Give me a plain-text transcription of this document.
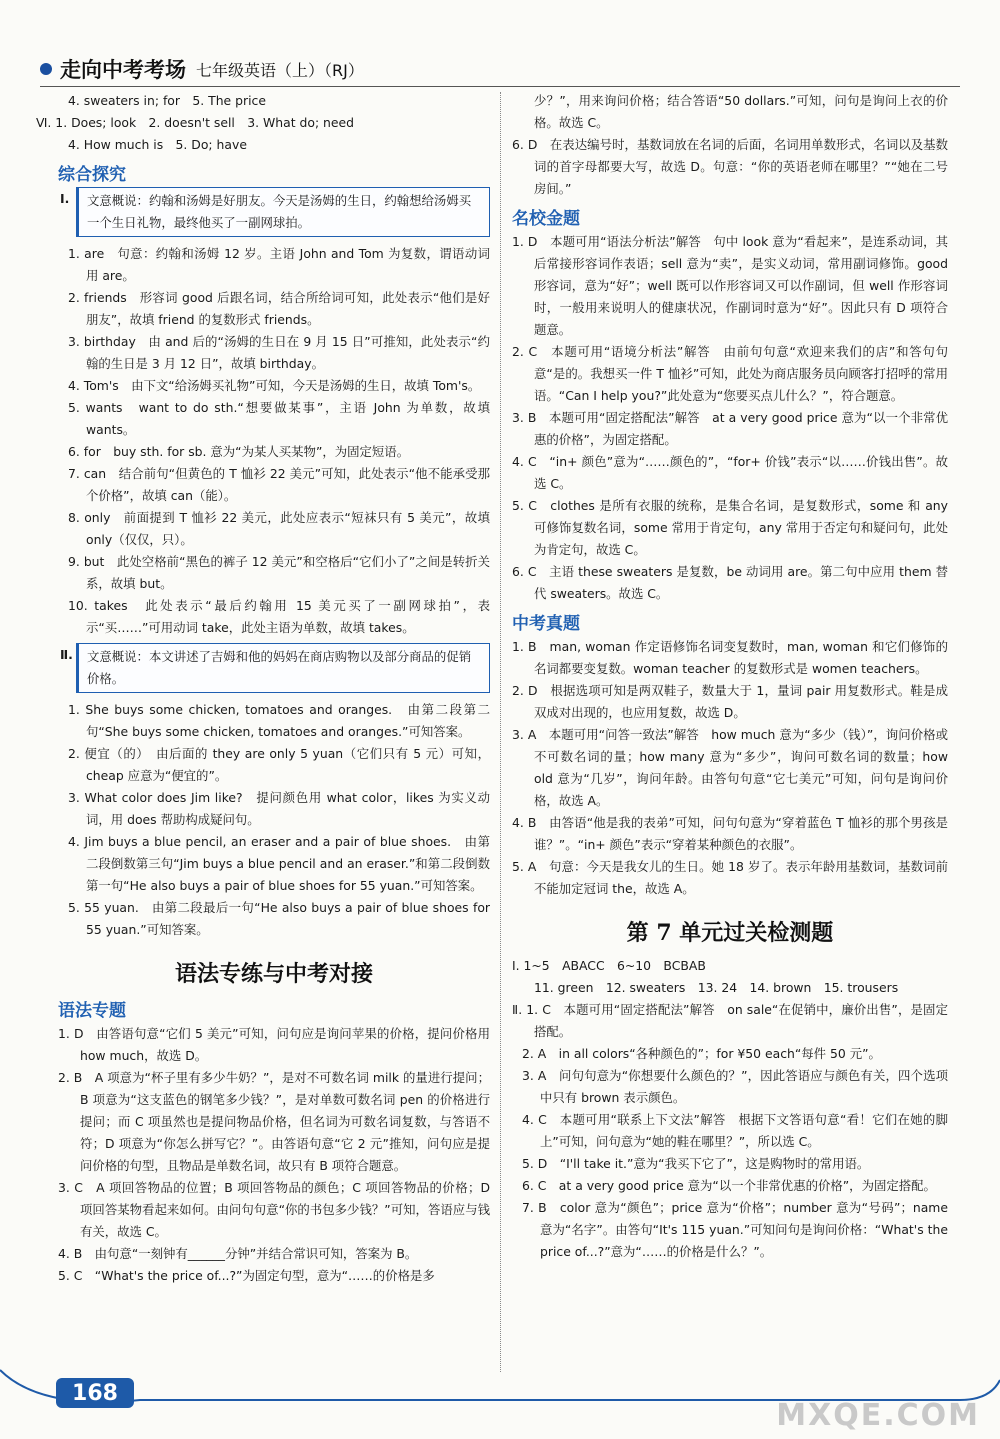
走向中考考场 七年级英语（上）（RJ）

4. sweaters in; for　5. The price

Ⅵ. 1. Does; look　2. doesn't sell　3. What do; need

4. How much is　5. Do; have

综合探究
Ⅰ.	文意概说：约翰和汤姆是好朋友。今天是汤姆的生日，约翰想给汤姆买一个生日礼物，最终他买了一副网球拍。

1. are　句意：约翰和汤姆 12 岁。主语 John and Tom 为复数，谓语动词用 are。

2. friends　形容词 good 后跟名词，结合所给词可知，此处表示“他们是好朋友”，故填 friend 的复数形式 friends。

3. birthday　由 and 后的“汤姆的生日在 9 月 15 日”可推知，此处表示“约翰的生日是 3 月 12 日”，故填 birthday。

4. Tom's　由下文“给汤姆买礼物”可知，今天是汤姆的生日，故填 Tom's。

5. wants　want to do sth.“想要做某事”，主语 John 为单数，故填 wants。

6. for　buy sth. for sb. 意为“为某人买某物”，为固定短语。

7. can　结合前句“但黄色的 T 恤衫 22 美元”可知，此处表示“他不能承受那个价格”，故填 can（能）。

8. only　前面提到 T 恤衫 22 美元，此处应表示“短袜只有 5 美元”，故填 only（仅仅，只）。

9. but　此处空格前“黑色的裤子 12 美元”和空格后“它们小了”之间是转折关系，故填 but。

10. takes　此处表示“最后约翰用 15 美元买了一副网球拍”，表示“买……”可用动词 take，此处主语为单数，故填 takes。

Ⅱ.	文意概说：本文讲述了吉姆和他的妈妈在商店购物以及部分商品的促销价格。

1. She buys some chicken, tomatoes and oranges.　由第二段第二句“She buys some chicken, tomatoes and oranges.”可知答案。

2. 便宜（的）　由后面的 they are only 5 yuan（它们只有 5 元）可知，cheap 应意为“便宜的”。

3. What color does Jim like?　提问颜色用 what color，likes 为实义动词，用 does 帮助构成疑问句。

4. Jim buys a blue pencil, an eraser and a pair of blue shoes.　由第二段倒数第三句“Jim buys a blue pencil and an eraser.”和第二段倒数第一句“He also buys a pair of blue shoes for 55 yuan.”可知答案。

5. 55 yuan.　由第二段最后一句“He also buys a pair of blue shoes for 55 yuan.”可知答案。

语法专练与中考对接
语法专题

1. D　由答语句意“它们 5 美元”可知，问句应是询问苹果的价格，提问价格用 how much，故选 D。

2. B　A 项意为“杯子里有多少牛奶？”，是对不可数名词 milk 的量进行提问；B 项意为“这支蓝色的钢笔多少钱？”，是对单数可数名词 pen 的价格进行提问；而 C 项虽然也是提问物品价格，但名词为可数名词复数，与答语不符；D 项意为“你怎么拼写它？”。由答语句意“它 2 元”推知，问句应是提问价格的句型，且物品是单数名词，故只有 B 项符合题意。

3. C　A 项回答物品的位置；B 项回答物品的颜色；C 项回答物品的价格；D 项回答某物看起来如何。由问句句意“你的书包多少钱？”可知，答语应与钱有关，故选 C。

4. B　由句意“一刻钟有______分钟”并结合常识可知，答案为 B。

5. C　“What's the price of...?”为固定句型，意为“……的价格是多

少？”，用来询问价格；结合答语“50 dollars.”可知，问句是询问上衣的价格。故选 C。

6. D　在表达编号时，基数词放在名词的后面，名词用单数形式，名词以及基数词的首字母都要大写，故选 D。句意：“你的英语老师在哪里？”“她在二号房间。”

名校金题

1. D　本题可用“语法分析法”解答　句中 look 意为“看起来”，是连系动词，其后常接形容词作表语；sell 意为“卖”，是实义动词，常用副词修饰。good 形容词，意为“好”；well 既可以作形容词又可以作副词，但 well 作形容词时，一般用来说明人的健康状况，作副词时意为“好”。因此只有 D 项符合题意。

2. C　本题可用“语境分析法”解答　由前句句意“欢迎来我们的店”和答句句意“是的。我想买一件 T 恤衫”可知，此处为商店服务员向顾客打招呼的常用语。“Can I help you?”此处意为“您要买点儿什么？”，符合题意。

3. B　本题可用“固定搭配法”解答　at a very good price 意为“以一个非常优惠的价格”，为固定搭配。

4. C　“in+ 颜色”意为“……颜色的”，“for+ 价钱”表示“以……价钱出售”。故选 C。

5. C　clothes 是所有衣服的统称，是集合名词，是复数形式，some 和 any 可修饰复数名词，some 常用于肯定句，any 常用于否定句和疑问句，此处为肯定句，故选 C。

6. C　主语 these sweaters 是复数，be 动词用 are。第二句中应用 them 替代 sweaters。故选 C。

中考真题

1. B　man, woman 作定语修饰名词变复数时，man, woman 和它们修饰的名词都要变复数。woman teacher 的复数形式是 women teachers。

2. D　根据选项可知是两双鞋子，数量大于 1，量词 pair 用复数形式。鞋是成双成对出现的，也应用复数，故选 D。

3. A　本题可用“问答一致法”解答　how much 意为“多少（钱）”，询问价格或不可数名词的量；how many 意为“多少”，询问可数名词的数量；how old 意为“几岁”，询问年龄。由答句句意“它七美元”可知，问句是询问价格，故选 A。

4. B　由答语“他是我的表弟”可知，问句句意为“穿着蓝色 T 恤衫的那个男孩是谁？”。“in+ 颜色”表示“穿着某种颜色的衣服”。

5. A　句意：今天是我女儿的生日。她 18 岁了。表示年龄用基数词，基数词前不能加定冠词 the，故选 A。

第 7 单元过关检测题

Ⅰ. 1~5　ABACC　6~10　BCBAB

11. green　12. sweaters　13. 24　14. brown　15. trousers

Ⅱ. 1. C　本题可用“固定搭配法”解答　on sale“在促销中，廉价出售”，是固定搭配。

2. A　in all colors“各种颜色的”；for ¥50 each“每件 50 元”。

3. A　问句句意为“你想要什么颜色的？”，因此答语应与颜色有关，四个选项中只有 brown 表示颜色。

4. C　本题可用“联系上下文法”解答　根据下文答语句意“看！它们在她的脚上”可知，问句意为“她的鞋在哪里？”，所以选 C。

5. D　“I'll take it.”意为“我买下它了”，这是购物时的常用语。

6. C　at a very good price 意为“以一个非常优惠的价格”，为固定搭配。

7. B　color 意为“颜色”；price 意为“价格”；number 意为“号码”；name 意为“名字”。由答句“It's 115 yuan.”可知问句是询问价格：“What's the price of...?”意为“……的价格是什么？”。

168
MXQE.COM
